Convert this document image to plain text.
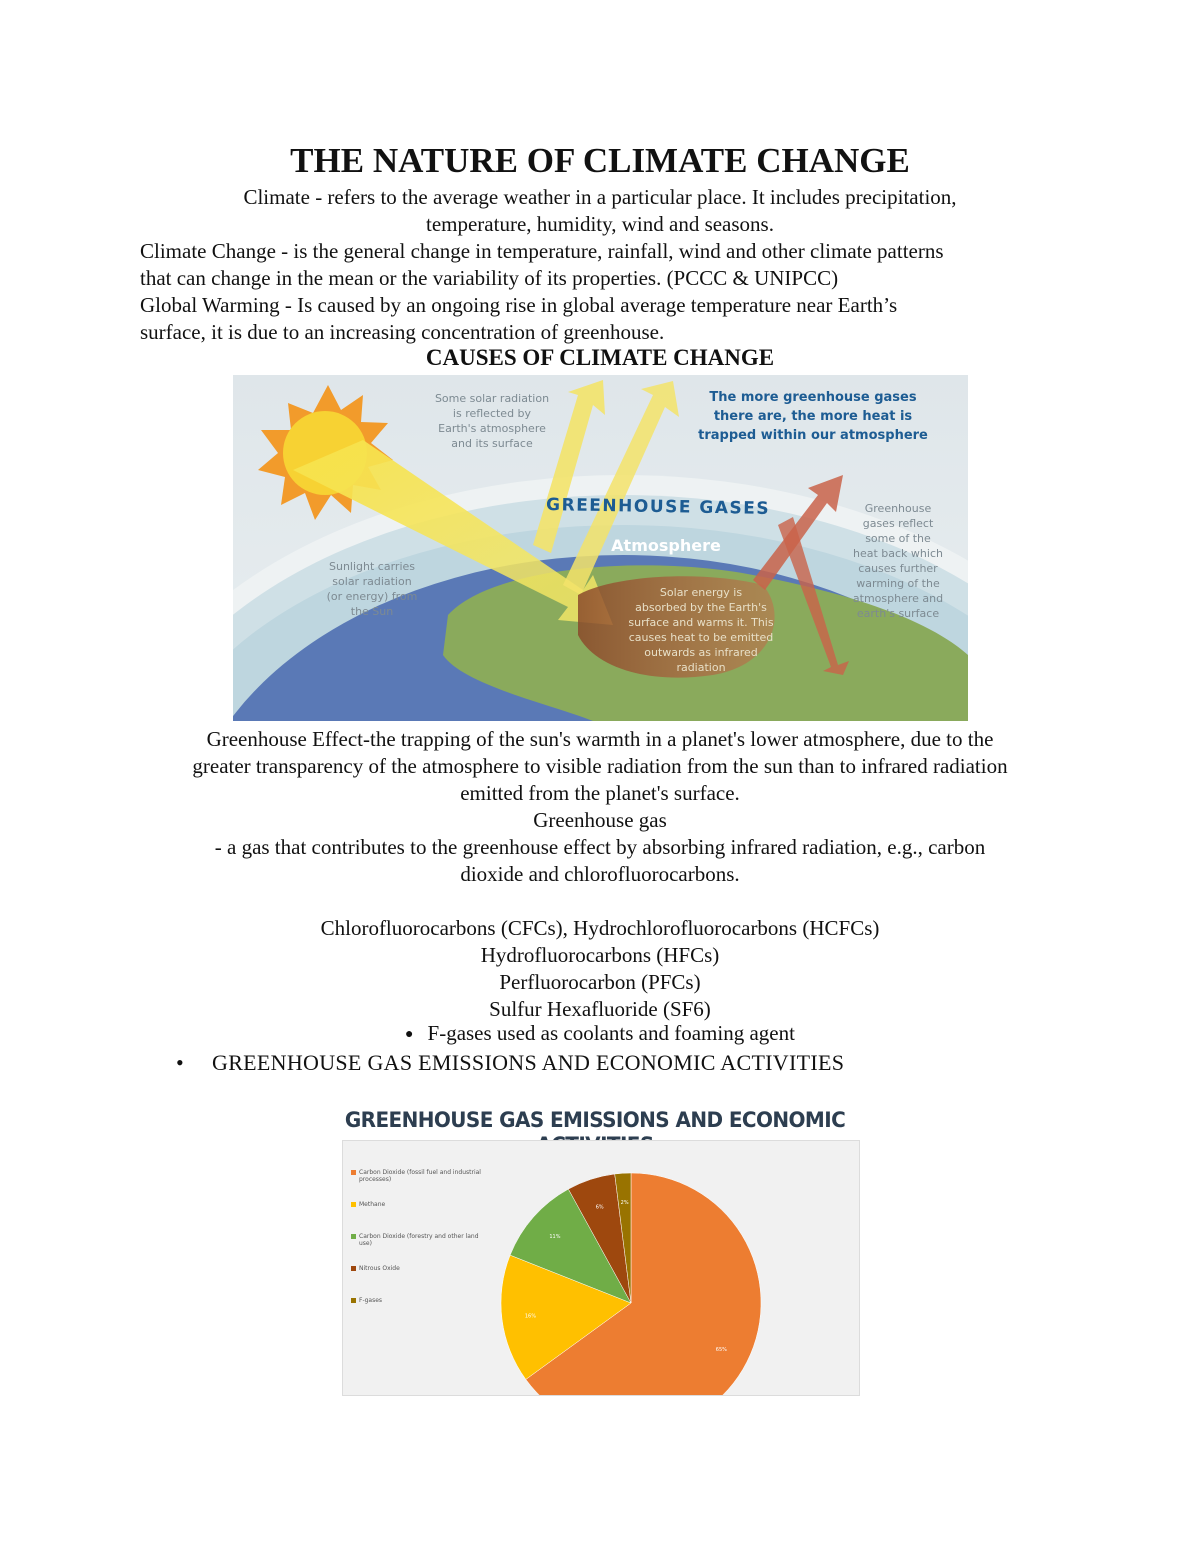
THE NATURE OF CLIMATE CHANGE
Climate - refers to the average weather in a particular place. It includes precipitation,
temperature, humidity, wind and seasons.
Climate Change - is the general change in temperature, rainfall, wind and other climate patterns
that can change in the mean or the variability of its properties. (PCCC & UNIPCC)
Global Warming - Is caused by an ongoing rise in global average temperature near Earth’s
surface, it is due to an increasing concentration of greenhouse.
CAUSES OF CLIMATE CHANGE
Some solar radiation is reflected by Earth's atmosphere and its surface
Sunlight carries solar radiation (or energy) from the Sun
Greenhouse gases reflect some of the heat back which causes further warming of the atmosphere and earth's surface
Solar energy is absorbed by the Earth's surface and warms it. This causes heat to be emitted outwards as infrared radiation
The more greenhouse gases there are, the more heat is trapped within our atmosphere
GREENHOUSE GASES
Atmosphere
Greenhouse Effect-the trapping of the sun's warmth in a planet's lower atmosphere, due to the
greater transparency of the atmosphere to visible radiation from the sun than to infrared radiation
emitted from the planet's surface.
Greenhouse gas
- a gas that contributes to the greenhouse effect by absorbing infrared radiation, e.g., carbon
dioxide and chlorofluorocarbons.
Chlorofluorocarbons (CFCs), Hydrochlorofluorocarbons (HCFCs)
Hydrofluorocarbons (HFCs)
Perfluorocarbon (PFCs)
Sulfur Hexafluoride (SF6)
● F-gases used as coolants and foaming agent
• GREENHOUSE GAS EMISSIONS AND ECONOMIC ACTIVITIES
GREENHOUSE GAS EMISSIONS AND ECONOMIC
Carbon Dioxide (fossil fuel and industrial processes)
Methane
Carbon Dioxide (forestry and other land use)
Nitrous Oxide
F-gases
65%
16%
11%
6%
2%
